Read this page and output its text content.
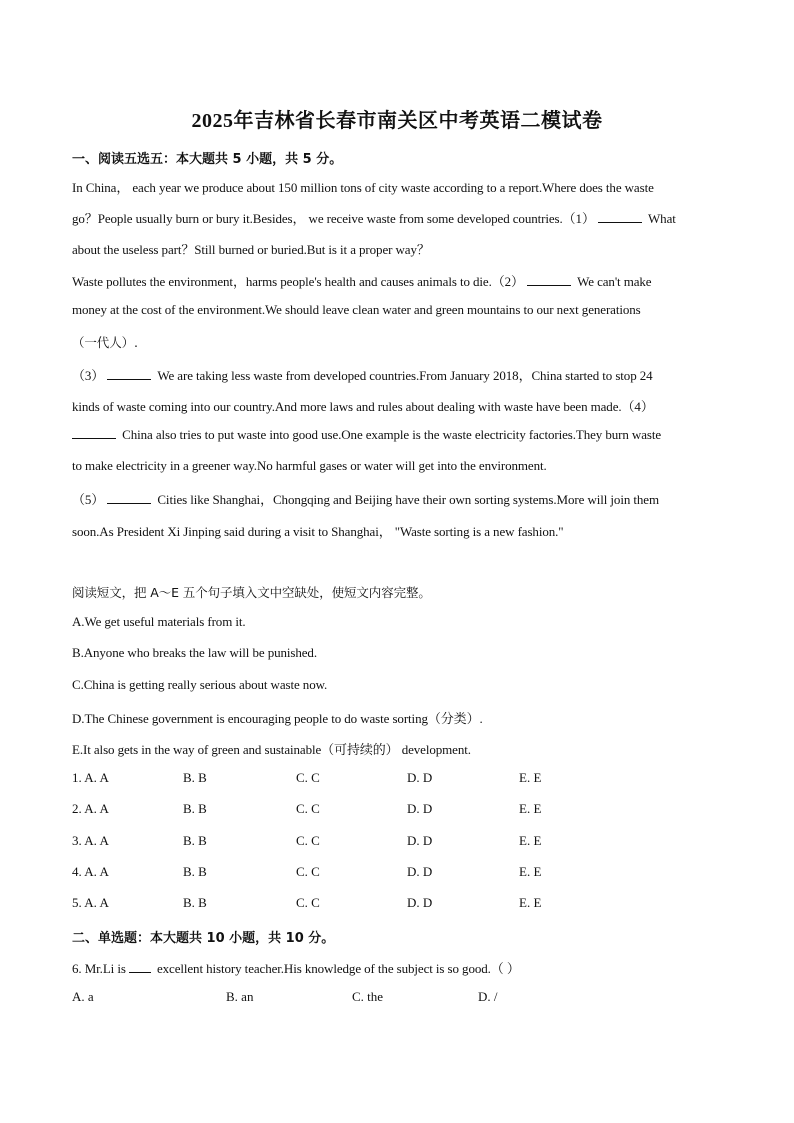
2025年吉林省长春市南关区中考英语二模试卷
一、阅读五选五：本大题共 5 小题，共 5 分。
In China， each year we produce about 150 million tons of city waste according to a report.Where does the waste
go？People usually burn or bury it.Besides， we receive waste from some developed countries.（1）	What
about the useless part？Still burned or buried.But is it a proper way？
Waste pollutes the environment，harms people's health and causes animals to die.（2）	We can't make
money at the cost of the environment.We should leave clean water and green mountains to our next generations
（一代人）.
（3）	We are taking less waste from developed countries.From January 2018，China started to stop 24
kinds of waste coming into our country.And more laws and rules about dealing with waste have been made.（4）
China also tries to put waste into good use.One example is the waste electricity factories.They burn waste
to make electricity in a greener way.No harmful gases or water will get into the environment.
（5）	Cities like Shanghai，Chongqing and Beijing have their own sorting systems.More will join them
soon.As President Xi Jinping said during a visit to Shanghai， "Waste sorting is a new fashion."
阅读短文，把 A～E 五个句子填入文中空缺处，使短文内容完整。
A.We get useful materials from it.
B.Anyone who breaks the law will be punished.
C.China is getting really serious about waste now.
D.The Chinese government is encouraging people to do waste sorting（分类）.
E.It also gets in the way of green and sustainable（可持续的） development.
1. A. A	B. B	C. C	D. D	E. E
2. A. A	B. B	C. C	D. D	E. E
3. A. A	B. B	C. C	D. D	E. E
4. A. A	B. B	C. C	D. D	E. E
5. A. A	B. B	C. C	D. D	E. E
二、单选题：本大题共 10 小题，共 10 分。
6. Mr.Li is excellent history teacher.His knowledge of the subject is so good.（ ）
A. a	B. an	C. the	D. /
